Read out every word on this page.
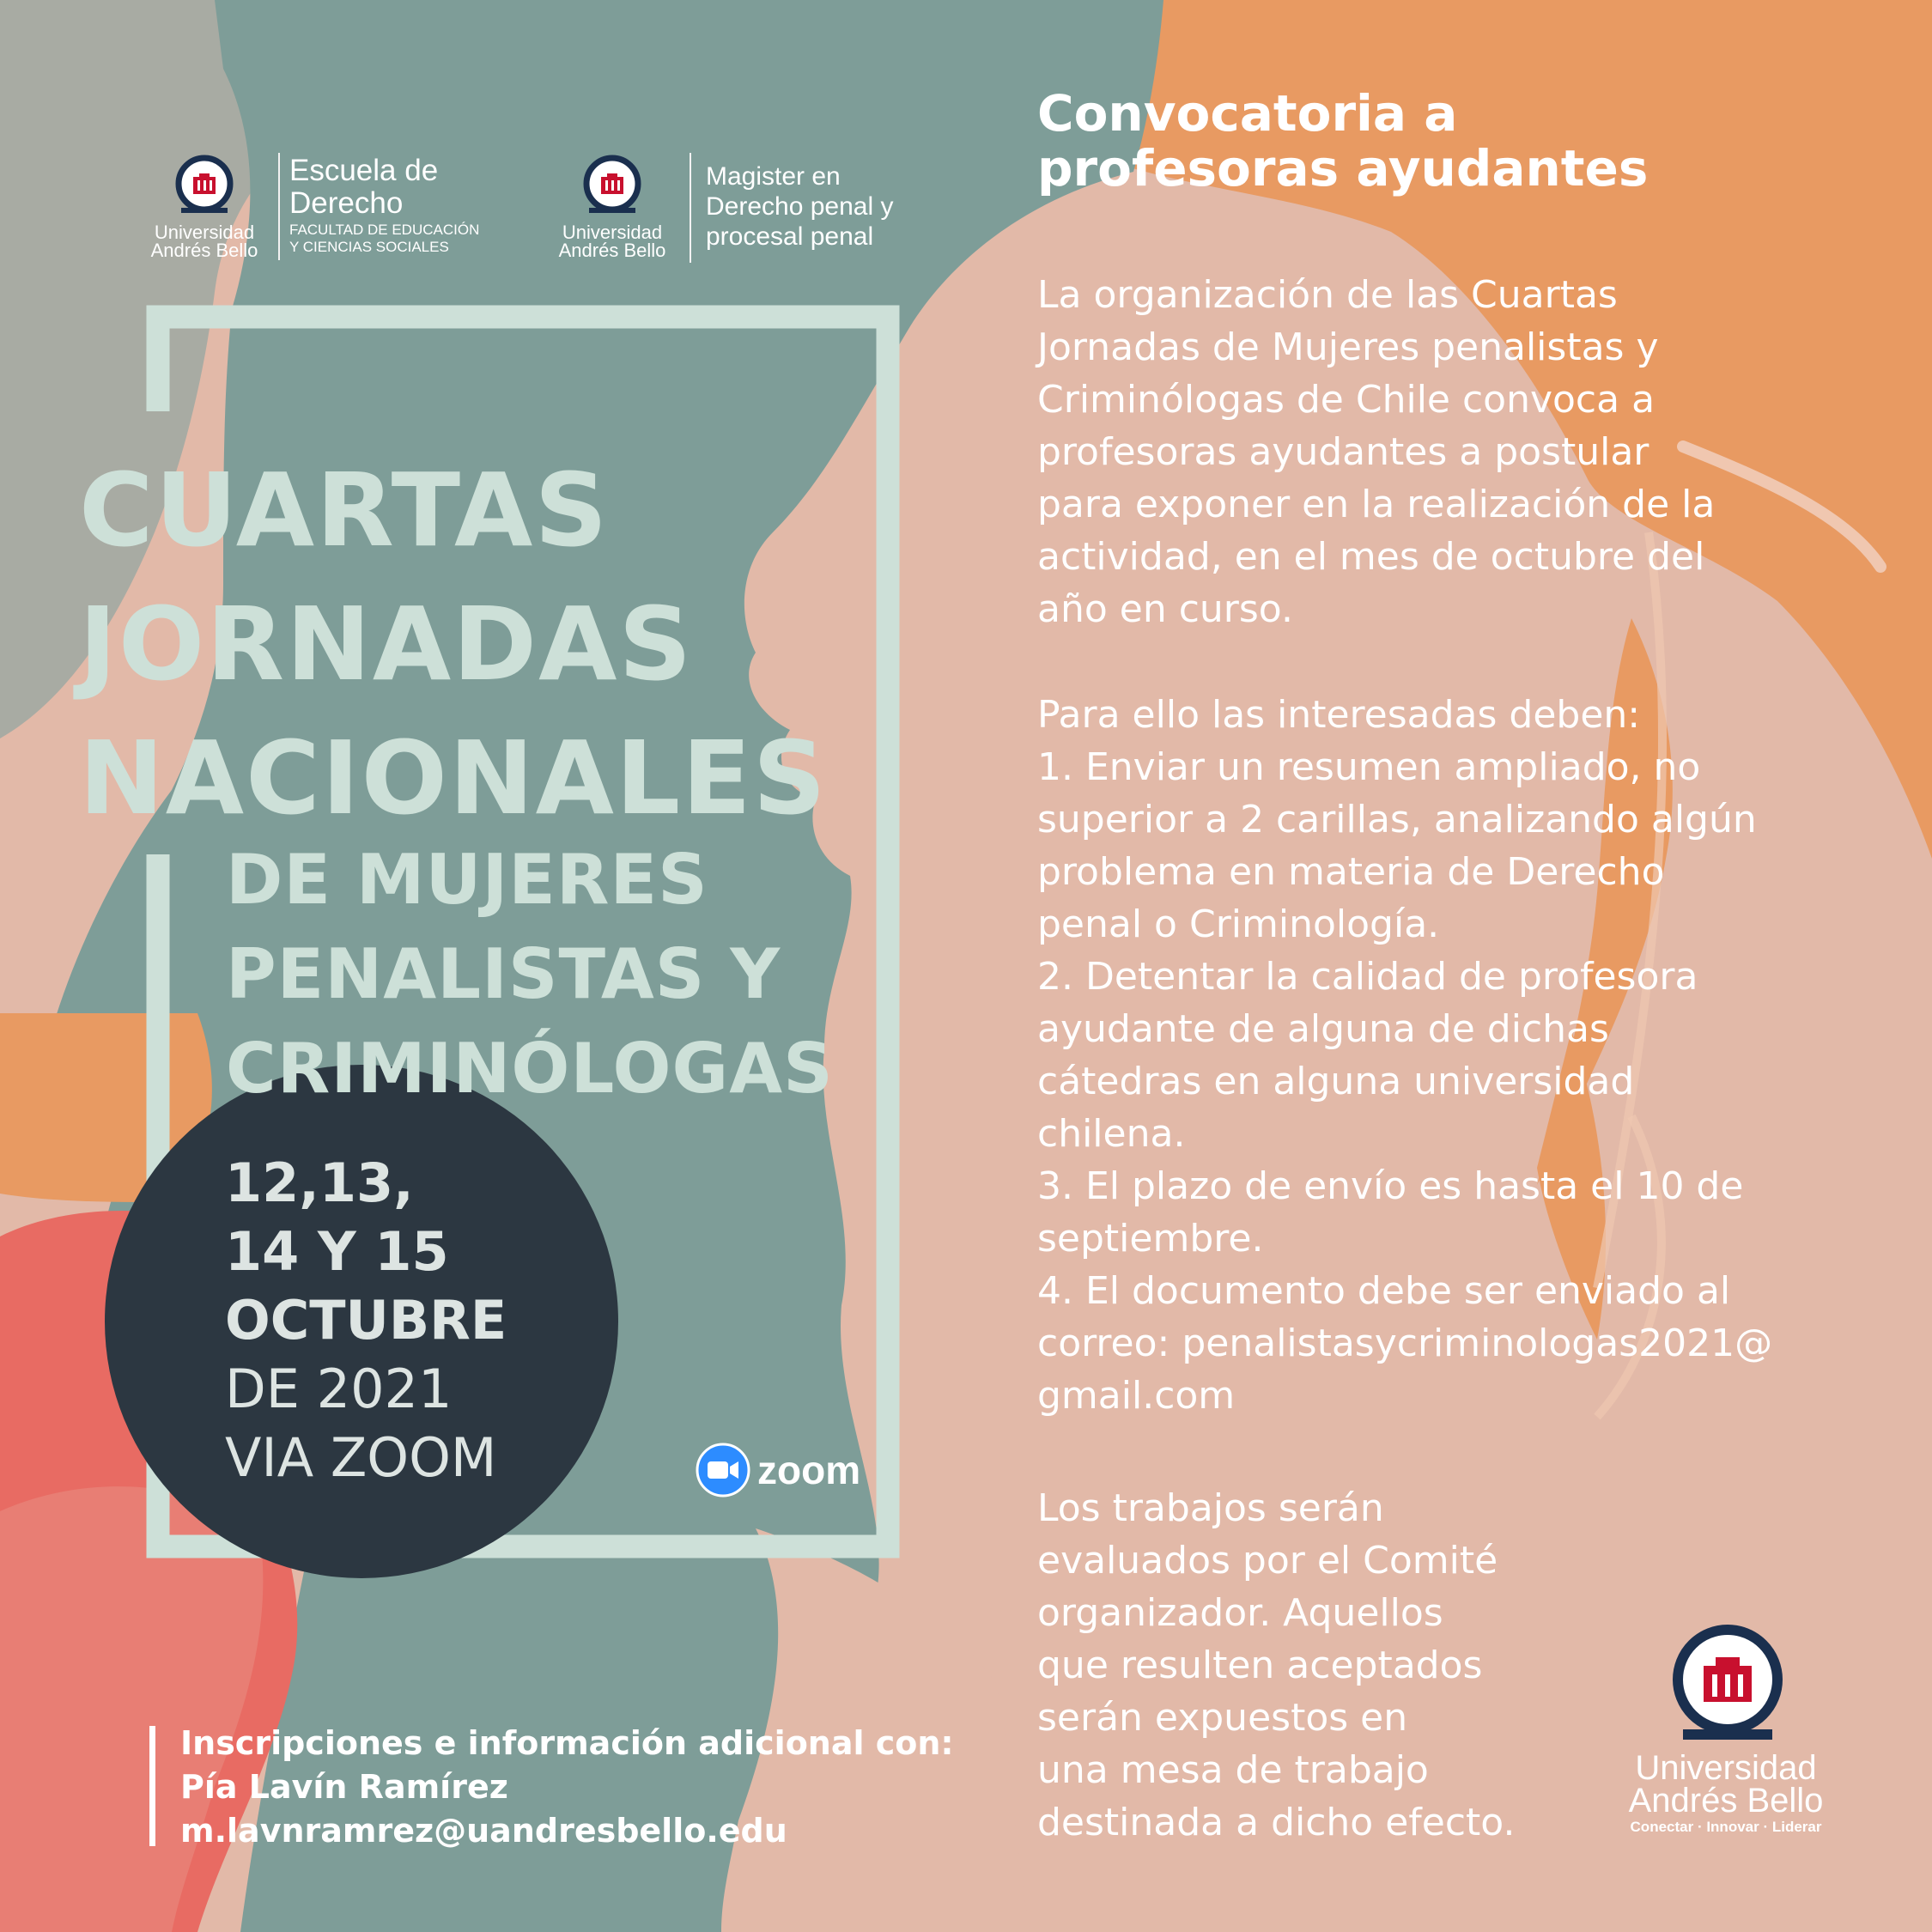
Universidad
Andrés Bello
Escuela de
Derecho
FACULTAD DE EDUCACIÓN
Y CIENCIAS SOCIALES
Universidad
Andrés Bello
Magister en
Derecho penal y
procesal penal
CUARTAS
JORNADAS
NACIONALES
DE MUJERES
PENALISTAS Y
CRIMINÓLOGAS
12,13,
14 Y 15
OCTUBRE
DE 2021
VIA ZOOM	zoom
Inscripciones e información adicional con:
Pía Lavín Ramírez
m.lavnramrez@uandresbello.edu
Convocatoria a
profesoras ayudantes
La organización de las Cuartas
Jornadas de Mujeres penalistas y
Criminólogas de Chile convoca a
profesoras ayudantes a postular
para exponer en la realización de la
actividad, en el mes de octubre del
año en curso.
Para ello las interesadas deben:
1. Enviar un resumen ampliado, no
superior a 2 carillas, analizando algún
problema en materia de Derecho
penal o Criminología.
2. Detentar la calidad de profesora
ayudante de alguna de dichas
cátedras en alguna universidad
chilena.
3. El plazo de envío es hasta el 10 de
septiembre.
4. El documento debe ser enviado al
correo: penalistasycriminologas2021@
gmail.com
Los trabajos serán
evaluados por el Comité
organizador. Aquellos
que resulten aceptados
serán expuestos en
una mesa de trabajo
destinada a dicho efecto.
Universidad
Andrés Bello
Conectar · Innovar · Liderar
